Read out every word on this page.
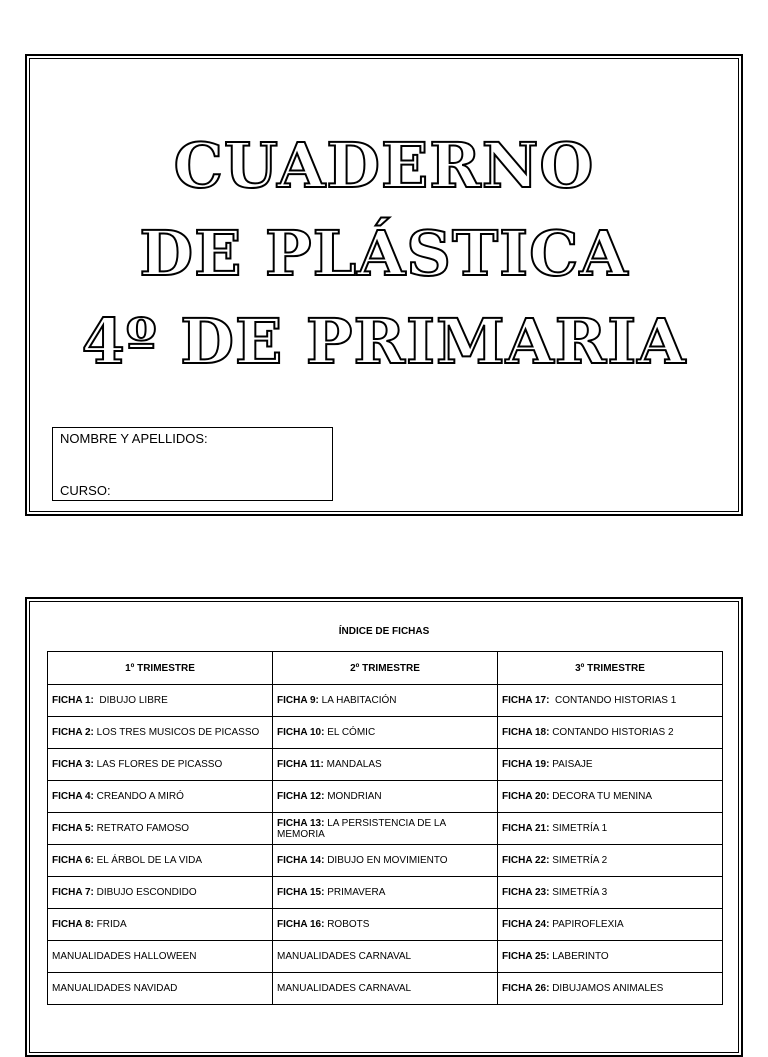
CUADERNO
DE PLÁSTICA
4º DE PRIMARIA
NOMBRE Y APELLIDOS:
CURSO:
ÍNDICE DE FICHAS
1º TRIMESTRE	2º TRIMESTRE	3º TRIMESTRE
FICHA 1:  DIBUJO LIBRE	FICHA 9: LA HABITACIÓN	FICHA 17:  CONTANDO HISTORIAS 1
FICHA 2: LOS TRES MUSICOS DE PICASSO	FICHA 10: EL CÓMIC	FICHA 18: CONTANDO HISTORIAS 2
FICHA 3: LAS FLORES DE PICASSO	FICHA 11: MANDALAS	FICHA 19: PAISAJE
FICHA 4: CREANDO A MIRÓ	FICHA 12: MONDRIAN	FICHA 20: DECORA TU MENINA
FICHA 5: RETRATO FAMOSO	FICHA 13: LA PERSISTENCIA DE LA MEMORIA	FICHA 21: SIMETRÍA 1
FICHA 6: EL ÁRBOL DE LA VIDA	FICHA 14: DIBUJO EN MOVIMIENTO	FICHA 22: SIMETRÍA 2
FICHA 7: DIBUJO ESCONDIDO	FICHA 15: PRIMAVERA	FICHA 23: SIMETRÍA 3
FICHA 8: FRIDA	FICHA 16: ROBOTS	FICHA 24: PAPIROFLEXIA
MANUALIDADES HALLOWEEN	MANUALIDADES CARNAVAL	FICHA 25: LABERINTO
MANUALIDADES NAVIDAD	MANUALIDADES CARNAVAL	FICHA 26: DIBUJAMOS ANIMALES
